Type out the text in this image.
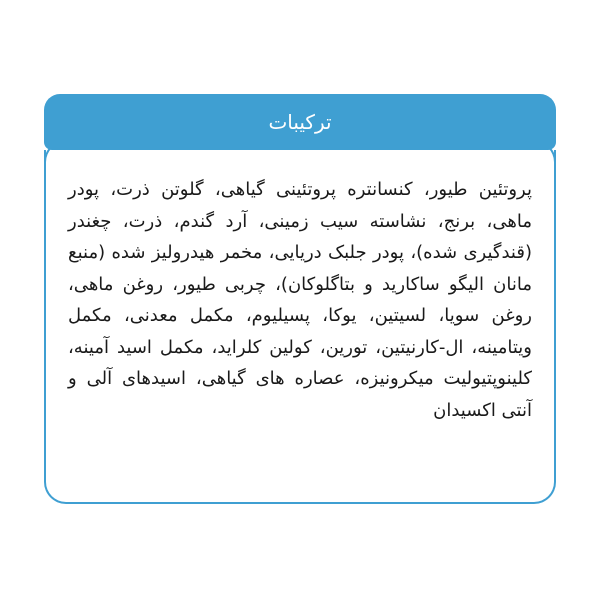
ترکیبات

پروتئین طیور، کنسانتره پروتئینی گیاهی، گلوتن ذرت، پودر ماهی، برنج، نشاسته سیب زمینی، آرد گندم، ذرت، چغندر (قندگیری شده)، پودر جلبک دریایی، مخمر هیدرولیز شده (منبع مانان الیگو ساکارید و بتاگلوکان)، چربی طیور، روغن ماهی، روغن سویا، لسیتین، یوکا، پسیلیوم، مکمل معدنی، مکمل ویتامینه، ال-کارنیتین، تورین، کولین کلراید، مکمل اسید آمینه، کلینوپتیولیت میکرونیزه، عصاره های گیاهی، اسیدهای آلی و آنتی اکسیدان
